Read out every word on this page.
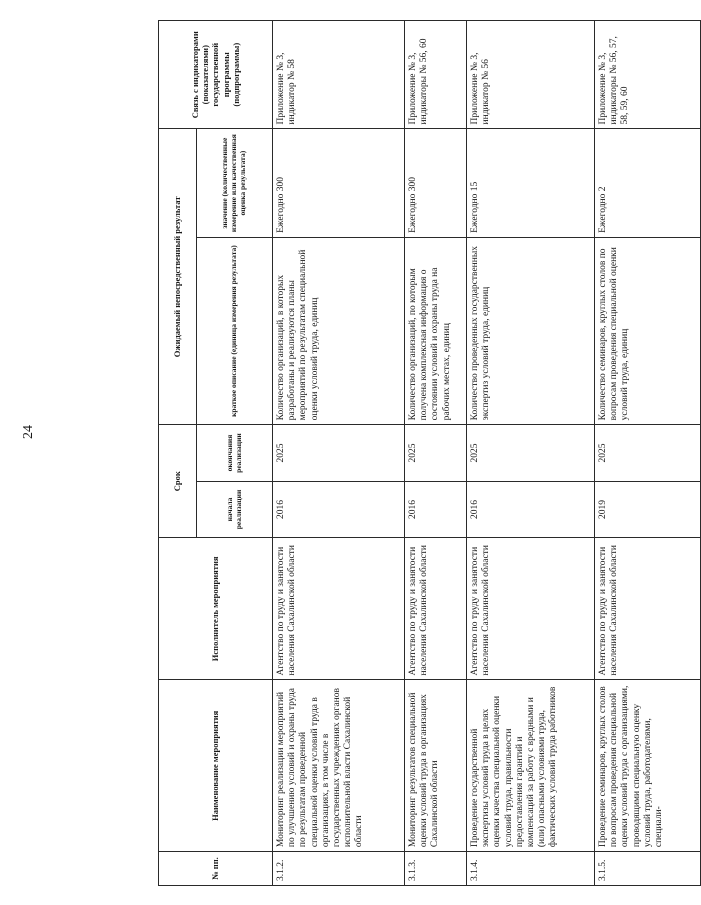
24
№ пп.	Наименование мероприятия	Исполнитель мероприятия	Срок		Ожидаемый непосредственный результат		Связь с индикаторами (показателями) государственной программы (подпрограммы)
			начала реализации	окончания реализации	краткое описание (единица измерения результата)	значение (количественные измерение или качественная оценка результата)	
3.1.2.	Мониторинг реализации мероприятий по улучшению условий и охраны труда по результатам проведенной специальной оценки условий труда в организациях, в том числе в государственных учреждениях органов исполнительной власти Сахалинской области	Агентство по труду и занятости населения Сахалинской области	2016	2025	Количество организаций, в которых разработаны и реализуются планы мероприятий по результатам специальной оценки условий труда, единиц	Ежегодно 300	Приложение № 3, индикатор № 58
3.1.3.	Мониторинг результатов специальной оценки условий труда в организациях Сахалинской области	Агентство по труду и занятости населения Сахалинской области	2016	2025	Количество организаций, по которым получена комплексная информация о состоянии условий и охраны труда на рабочих местах, единиц	Ежегодно 300	Приложение № 3, индикаторы № 56, 60
3.1.4.	Проведение государственной экспертизы условий труда в целях оценки качества специальной оценки условий труда, правильности предоставления гарантий и компенсаций за работу с вредными и (или) опасными условиями труда, фактических условий труда работников	Агентство по труду и занятости населения Сахалинской области	2016	2025	Количество проведенных государственных экспертиз условий труда, единиц	Ежегодно 15	Приложение № 3, индикатор № 56
3.1.5.	Проведение семинаров, круглых столов по вопросам проведения специальной оценки условий труда с организациями, проводящими специальную оценку условий труда, работодателями, специали-	Агентство по труду и занятости населения Сахалинской области	2019	2025	Количество семинаров, круглых столов по вопросам проведения специальной оценки условий труда, единиц	Ежегодно 2	Приложение № 3, индикаторы № 56, 57, 58, 59, 60
